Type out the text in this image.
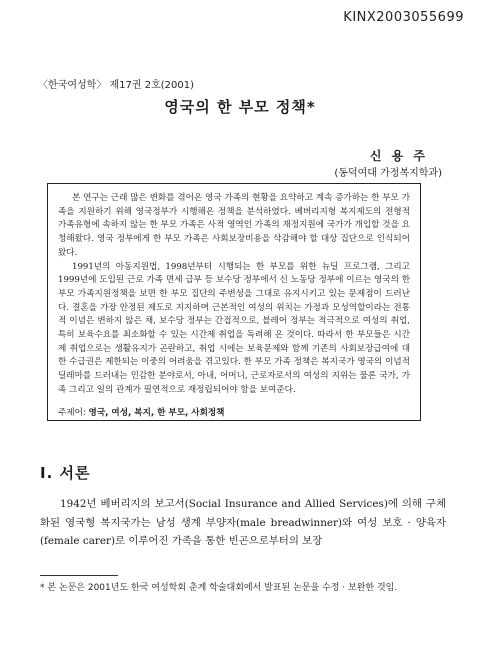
KINX2003055699
〈한국여성학〉 제17권 2호(2001)
영국의 한 부모 정책*
신 용 주
(동덕여대 가정복지학과)

본 연구는 근래 많은 변화를 겪어온 영국 가족의 현황을 요약하고 계속 증가하는 한 부모 가족을 지원하기 위해 영국정부가 시행해온 정책을 분석하였다. 베버리지형 복지제도의 전형적 가족유형에 속하지 않는 한 부모 가족은 사적 영역인 가족의 재정지원에 국가가 개입할 것을 요청해왔다. 영국 정부에게 한 부모 가족은 사회보장비용을 삭감해야 할 대상 집단으로 인식되어왔다.

1991년의 아동지원법, 1998년부터 시행되는 한 부모를 위한 뉴딜 프로그램, 그리고 1999년에 도입된 근로 가족 면세 급부 등 보수당 정부에서 신 노동당 정부에 이르는 영국의 한 부모 가족지원정책을 보면 한 부모 집단의 주변성을 그대로 유지시키고 있는 문제점이 드러난다. 결혼을 가장 안정된 제도로 지지하며 근본적인 여성의 위치는 가정과 모성역할이라는 전통적 이념은 변하지 않은 채, 보수당 정부는 간접적으로, 블레어 정부는 적극적으로 여성의 취업, 특히 보육수요를 최소화할 수 있는 시간제 취업을 독려해 온 것이다. 따라서 한 부모들은 시간제 취업으로는 생활유지가 곤란하고, 취업 시에는 보육문제와 함께 기존의 사회보장급여에 대한 수급권은 제한되는 이중의 어려움을 겪고있다. 한 부모 가족 정책은 복지국가 영국의 이념적 딜레마를 드러내는 민감한 분야로서, 아내, 어머니, 근로자로서의 여성의 지위는 물론 국가, 가족 그리고 일의 관계가 필연적으로 재정립되어야 함을 보여준다.

주제어: 영국, 여성, 복지, 한 부모, 사회정책
Ⅰ. 서론

1942년 베버리지의 보고서(Social Insurance and Allied Services)에 의해 구체화된 영국형 복지국가는 남성 생계 부양자(male breadwinner)와 여성 보호 · 양육자(female carer)로 이루어진 가족을 통한 빈곤으로부터의 보장

* 본 논문은 2001년도 한국 여성학회 춘계 학술대회에서 발표된 논문을 수정 · 보완한 것임.
